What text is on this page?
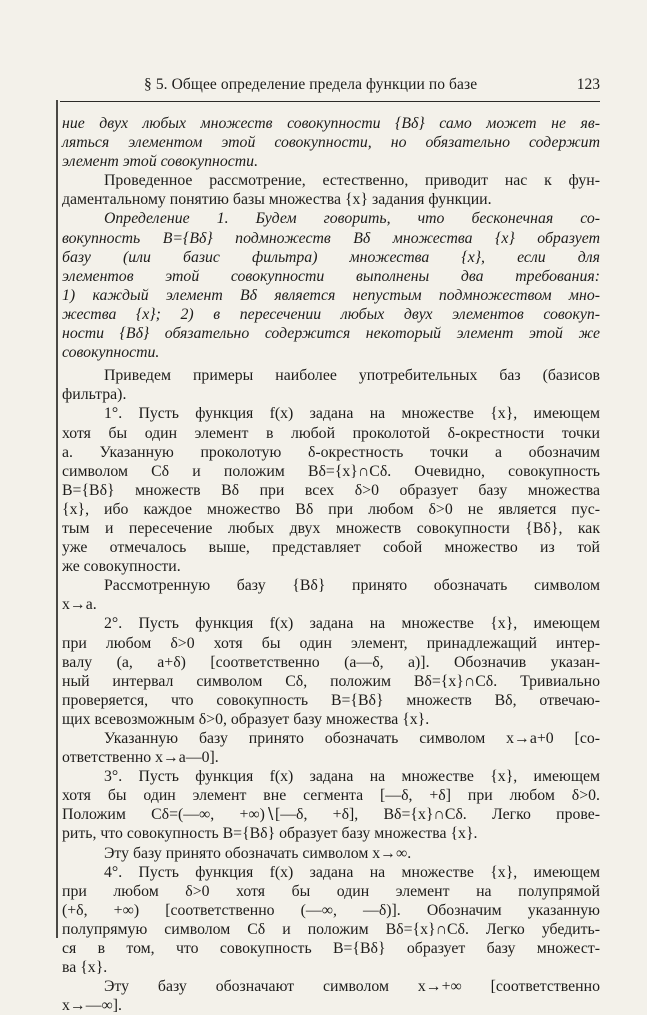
§ 5. Общее определение предела функции по базе	123
ние двух любых множеств совокупности {Bδ} само может не яв-
ляться элементом этой совокупности, но обязательно содержит
элемент этой совокупности.
Проведенное рассмотрение, естественно, приводит нас к фун-
даментальному понятию базы множества {x} задания функции.
Определение 1. Будем говорить, что бесконечная со-
вокупность B={Bδ} подмножеств Bδ множества {x} образует
базу (или базис фильтра) множества {x}, если для
элементов этой совокупности выполнены два требования:
1) каждый элемент Bδ является непустым подмножеством мно-
жества {x}; 2) в пересечении любых двух элементов совокуп-
ности {Bδ} обязательно содержится некоторый элемент этой же
совокупности.
Приведем примеры наиболее употребительных баз (базисов
фильтра).
1°. Пусть функция f(x) задана на множестве {x}, имеющем
хотя бы один элемент в любой проколотой δ-окрестности точки
a. Указанную проколотую δ-окрестность точки a обозначим
символом Cδ и положим Bδ={x}∩Cδ. Очевидно, совокупность
B={Bδ} множеств Bδ при всех δ>0 образует базу множества
{x}, ибо каждое множество Bδ при любом δ>0 не является пус-
тым и пересечение любых двух множеств совокупности {Bδ}, как
уже отмечалось выше, представляет собой множество из той
же совокупности.
Рассмотренную базу {Bδ} принято обозначать символом
x→a.
2°. Пусть функция f(x) задана на множестве {x}, имеющем
при любом δ>0 хотя бы один элемент, принадлежащий интер-
валу (a, a+δ) [соответственно (a—δ, a)]. Обозначив указан-
ный интервал символом Cδ, положим Bδ={x}∩Cδ. Тривиально
проверяется, что совокупность B={Bδ} множеств Bδ, отвечаю-
щих всевозможным δ>0, образует базу множества {x}.
Указанную базу принято обозначать символом x→a+0 [со-
ответственно x→a—0].
3°. Пусть функция f(x) задана на множестве {x}, имеющем
хотя бы один элемент вне сегмента [—δ, +δ] при любом δ>0.
Положим Cδ=(—∞, +∞)∖[—δ, +δ], Bδ={x}∩Cδ. Легко прове-
рить, что совокупность B={Bδ} образует базу множества {x}.
Эту базу принято обозначать символом x→∞.
4°. Пусть функция f(x) задана на множестве {x}, имеющем
при любом δ>0 хотя бы один элемент на полупрямой
(+δ, +∞) [соответственно (—∞, —δ)]. Обозначим указанную
полупрямую символом Cδ и положим Bδ={x}∩Cδ. Легко убедить-
ся в том, что совокупность B={Bδ} образует базу множест-
ва {x}.
Эту базу обозначают символом x→+∞ [соответственно
x→—∞].
